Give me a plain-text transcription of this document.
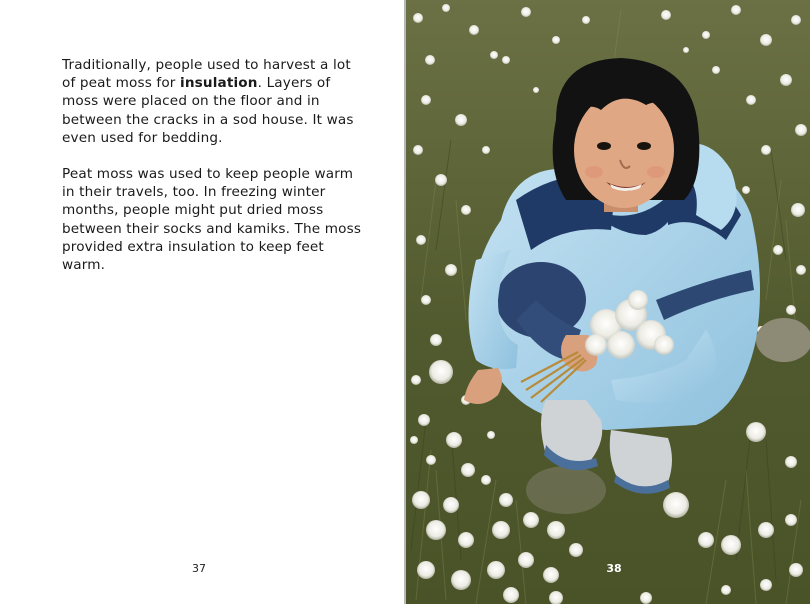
Traditionally, people used to harvest a lot of peat moss for insulation. Layers of moss were placed on the floor and in between the cracks in a sod house. It was even used for bedding.

Peat moss was used to keep people warm in their travels, too. In freezing winter months, people might put dried moss between their socks and kamiks. The moss provided extra insulation to keep feet warm.

37	38
